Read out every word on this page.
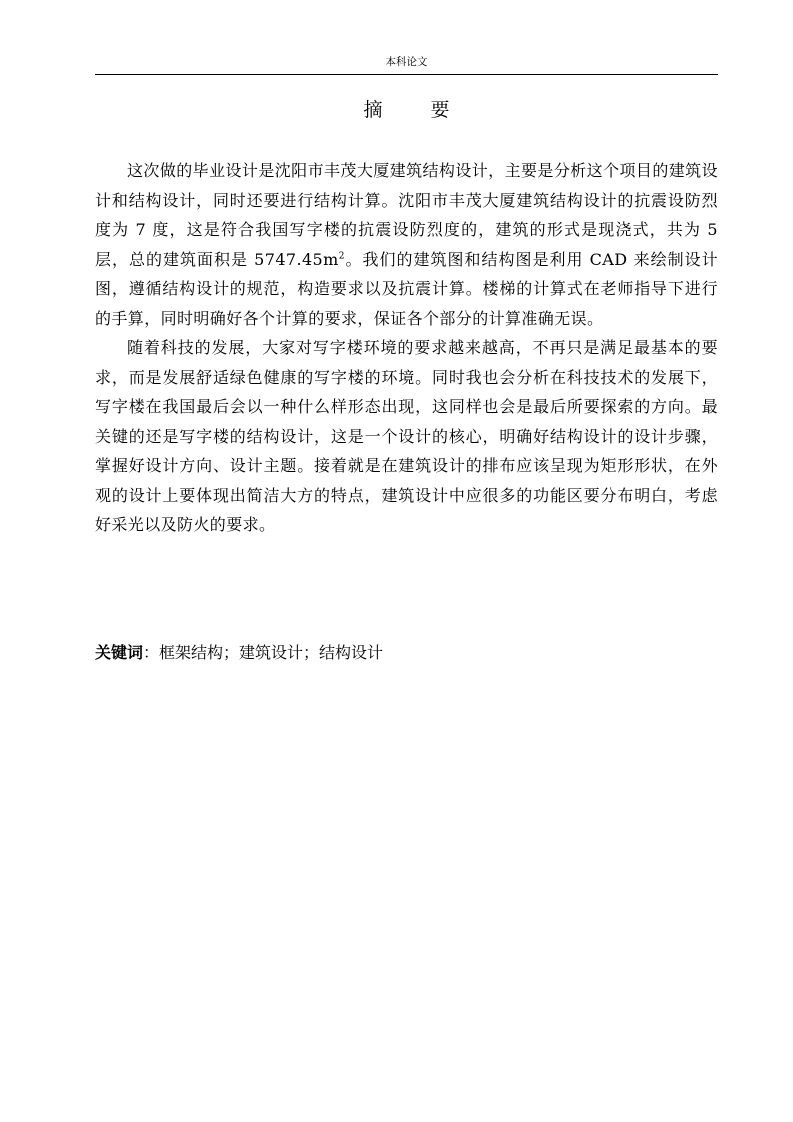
本科论文
摘	要

这次做的毕业设计是沈阳市丰茂大厦建筑结构设计，主要是分析这个项目的建筑设计和结构设计，同时还要进行结构计算。沈阳市丰茂大厦建筑结构设计的抗震设防烈度为 7 度，这是符合我国写字楼的抗震设防烈度的，建筑的形式是现浇式，共为 5 层，总的建筑面积是 $5747.45m^2$。我们的建筑图和结构图是利用 CAD 来绘制设计图，遵循结构设计的规范，构造要求以及抗震计算。楼梯的计算式在老师指导下进行的手算，同时明确好各个计算的要求，保证各个部分的计算准确无误。

随着科技的发展，大家对写字楼环境的要求越来越高，不再只是满足最基本的要求，而是发展舒适绿色健康的写字楼的环境。同时我也会分析在科技技术的发展下，写字楼在我国最后会以一种什么样形态出现，这同样也会是最后所要探索的方向。最关键的还是写字楼的结构设计，这是一个设计的核心，明确好结构设计的设计步骤，掌握好设计方向、设计主题。接着就是在建筑设计的排布应该呈现为矩形形状，在外观的设计上要体现出简洁大方的特点，建筑设计中应很多的功能区要分布明白，考虑好采光以及防火的要求。

关键词：框架结构；建筑设计；结构设计
